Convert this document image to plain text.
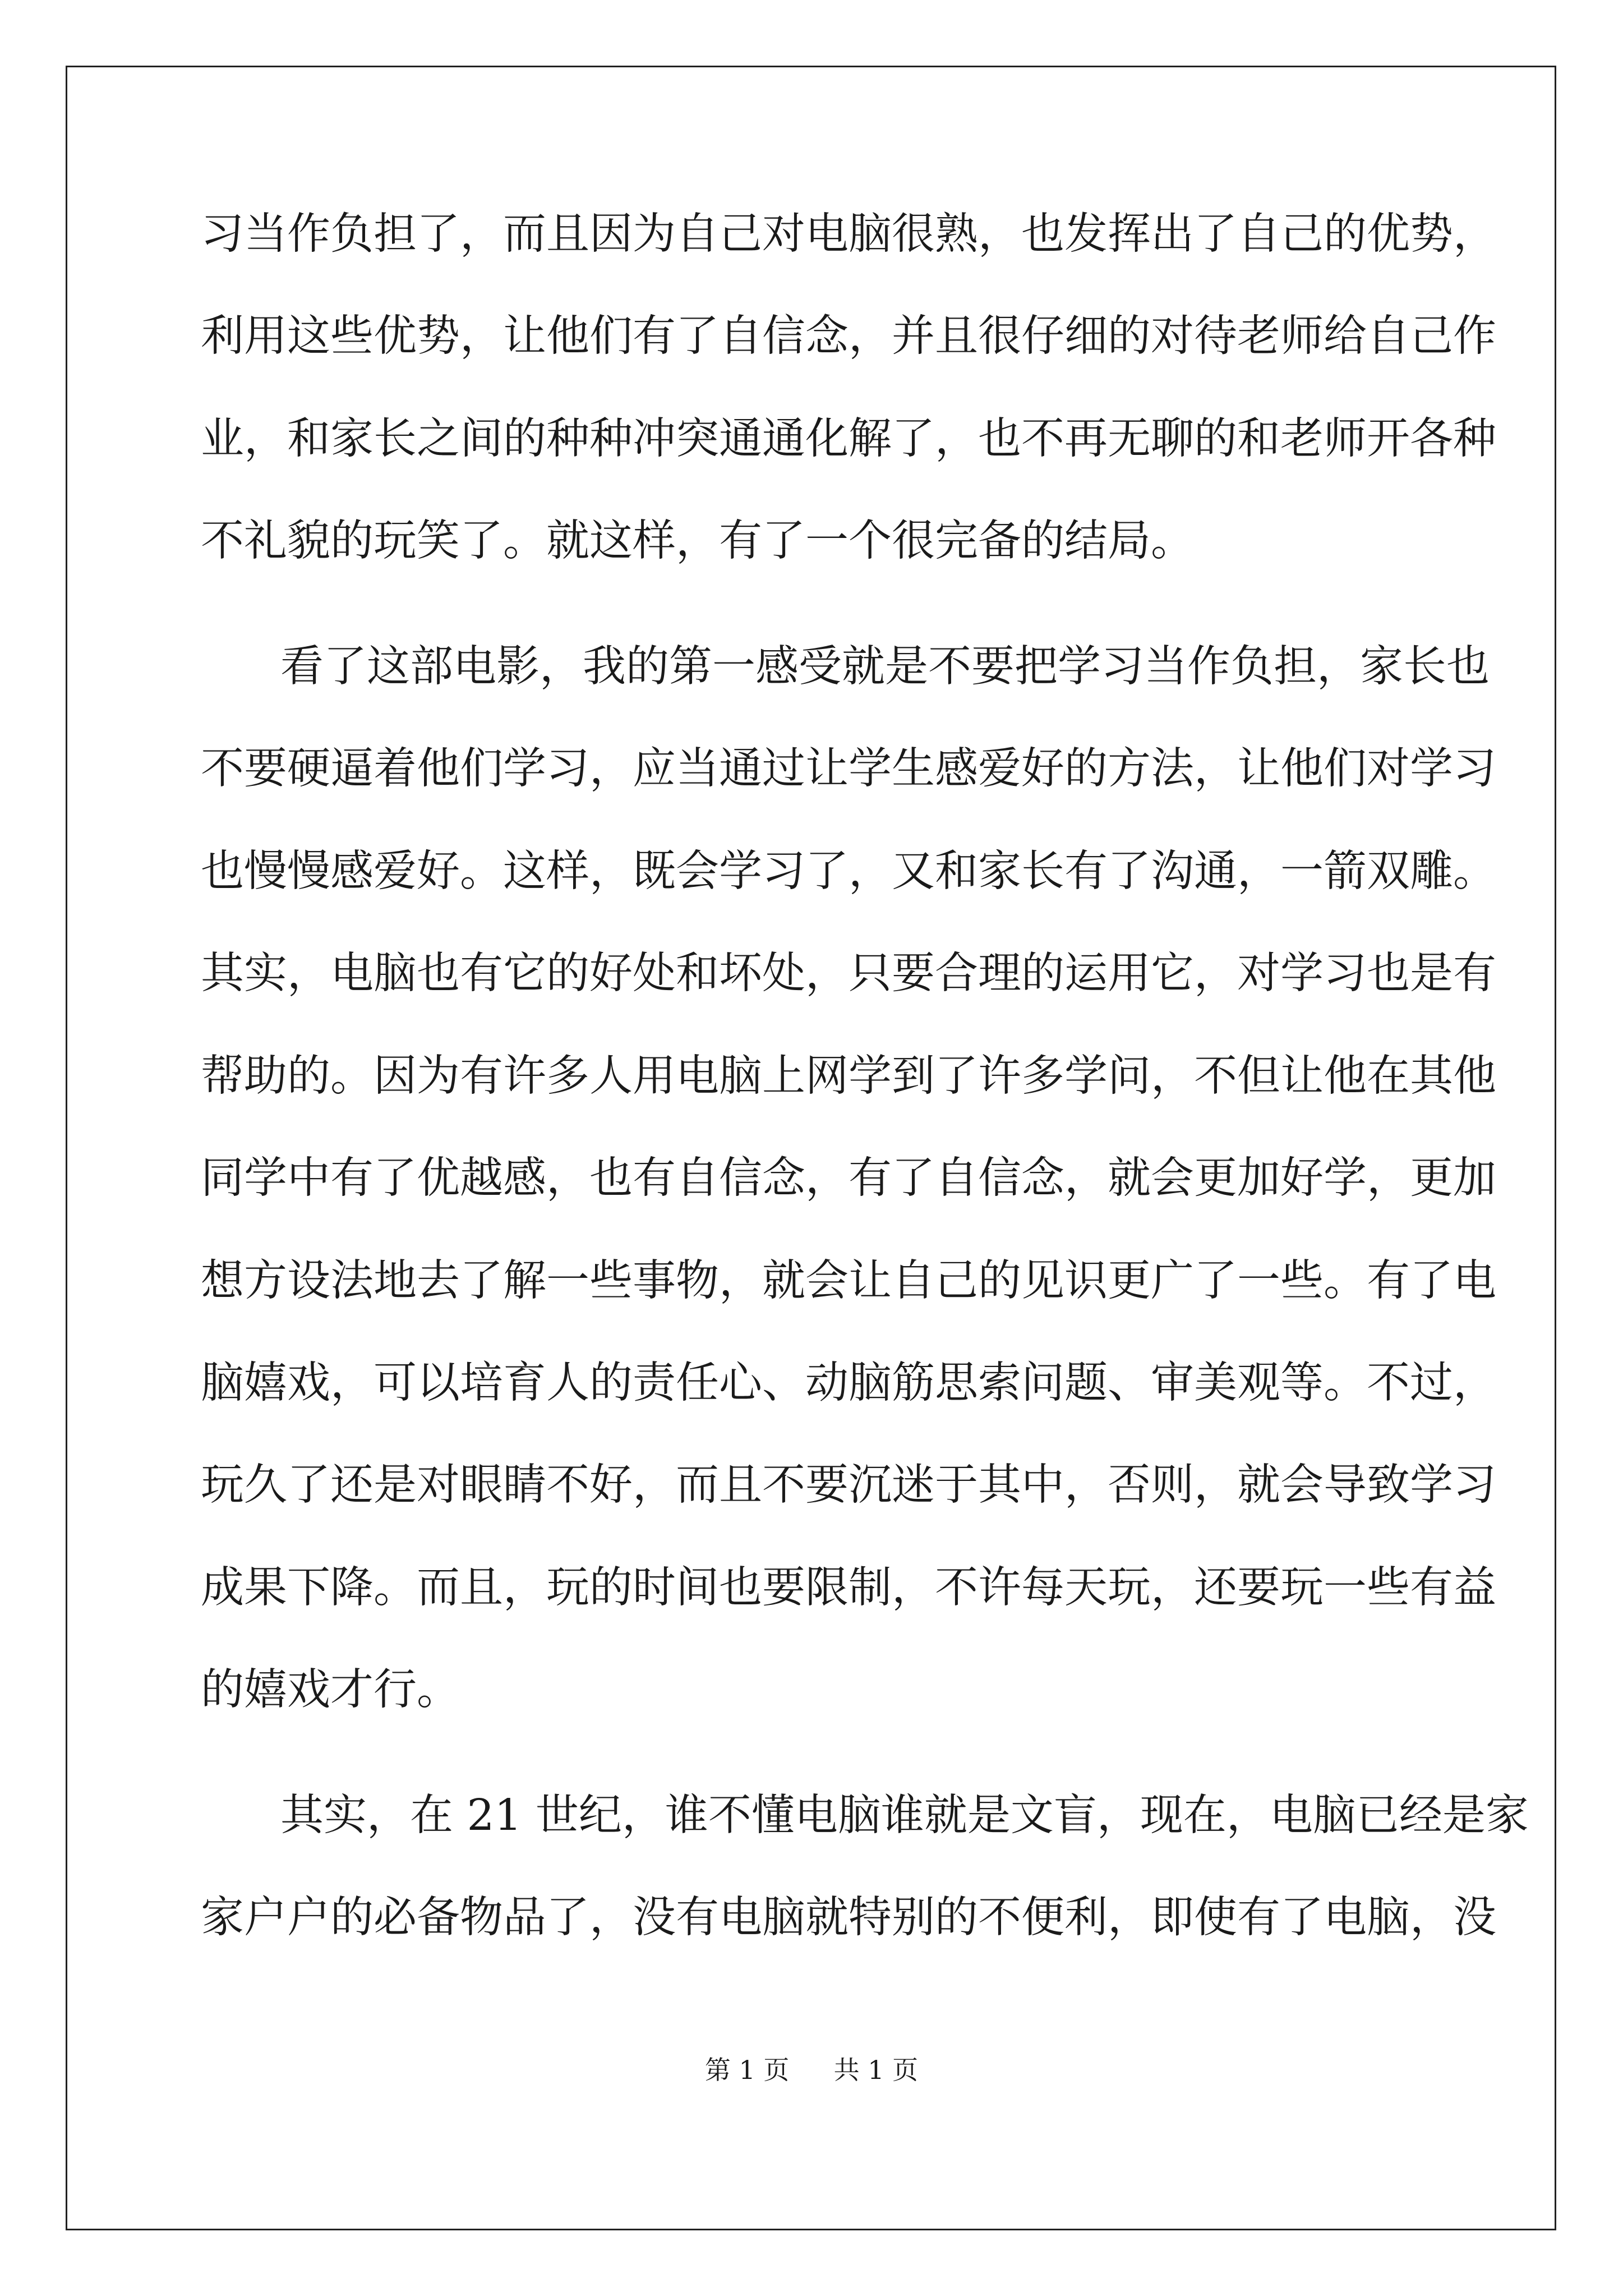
习当作负担了，而且因为自己对电脑很熟，也发挥出了自己的优势，
利用这些优势，让他们有了自信念，并且很仔细的对待老师给自己作
业，和家长之间的种种冲突通通化解了，也不再无聊的和老师开各种
不礼貌的玩笑了。就这样，有了一个很完备的结局。
看了这部电影，我的第一感受就是不要把学习当作负担，家长也
不要硬逼着他们学习，应当通过让学生感爱好的方法，让他们对学习
也慢慢感爱好。这样，既会学习了，又和家长有了沟通，一箭双雕。
其实，电脑也有它的好处和坏处，只要合理的运用它，对学习也是有
帮助的。因为有许多人用电脑上网学到了许多学问，不但让他在其他
同学中有了优越感，也有自信念，有了自信念，就会更加好学，更加
想方设法地去了解一些事物，就会让自己的见识更广了一些。有了电
脑嬉戏，可以培育人的责任心、动脑筋思索问题、审美观等。不过，
玩久了还是对眼睛不好，而且不要沉迷于其中，否则，就会导致学习
成果下降。而且，玩的时间也要限制，不许每天玩，还要玩一些有益
的嬉戏才行。
其实，在 21 世纪，谁不懂电脑谁就是文盲，现在，电脑已经是家
家户户的必备物品了，没有电脑就特别的不便利，即使有了电脑，没
第 1 页 共 1 页
